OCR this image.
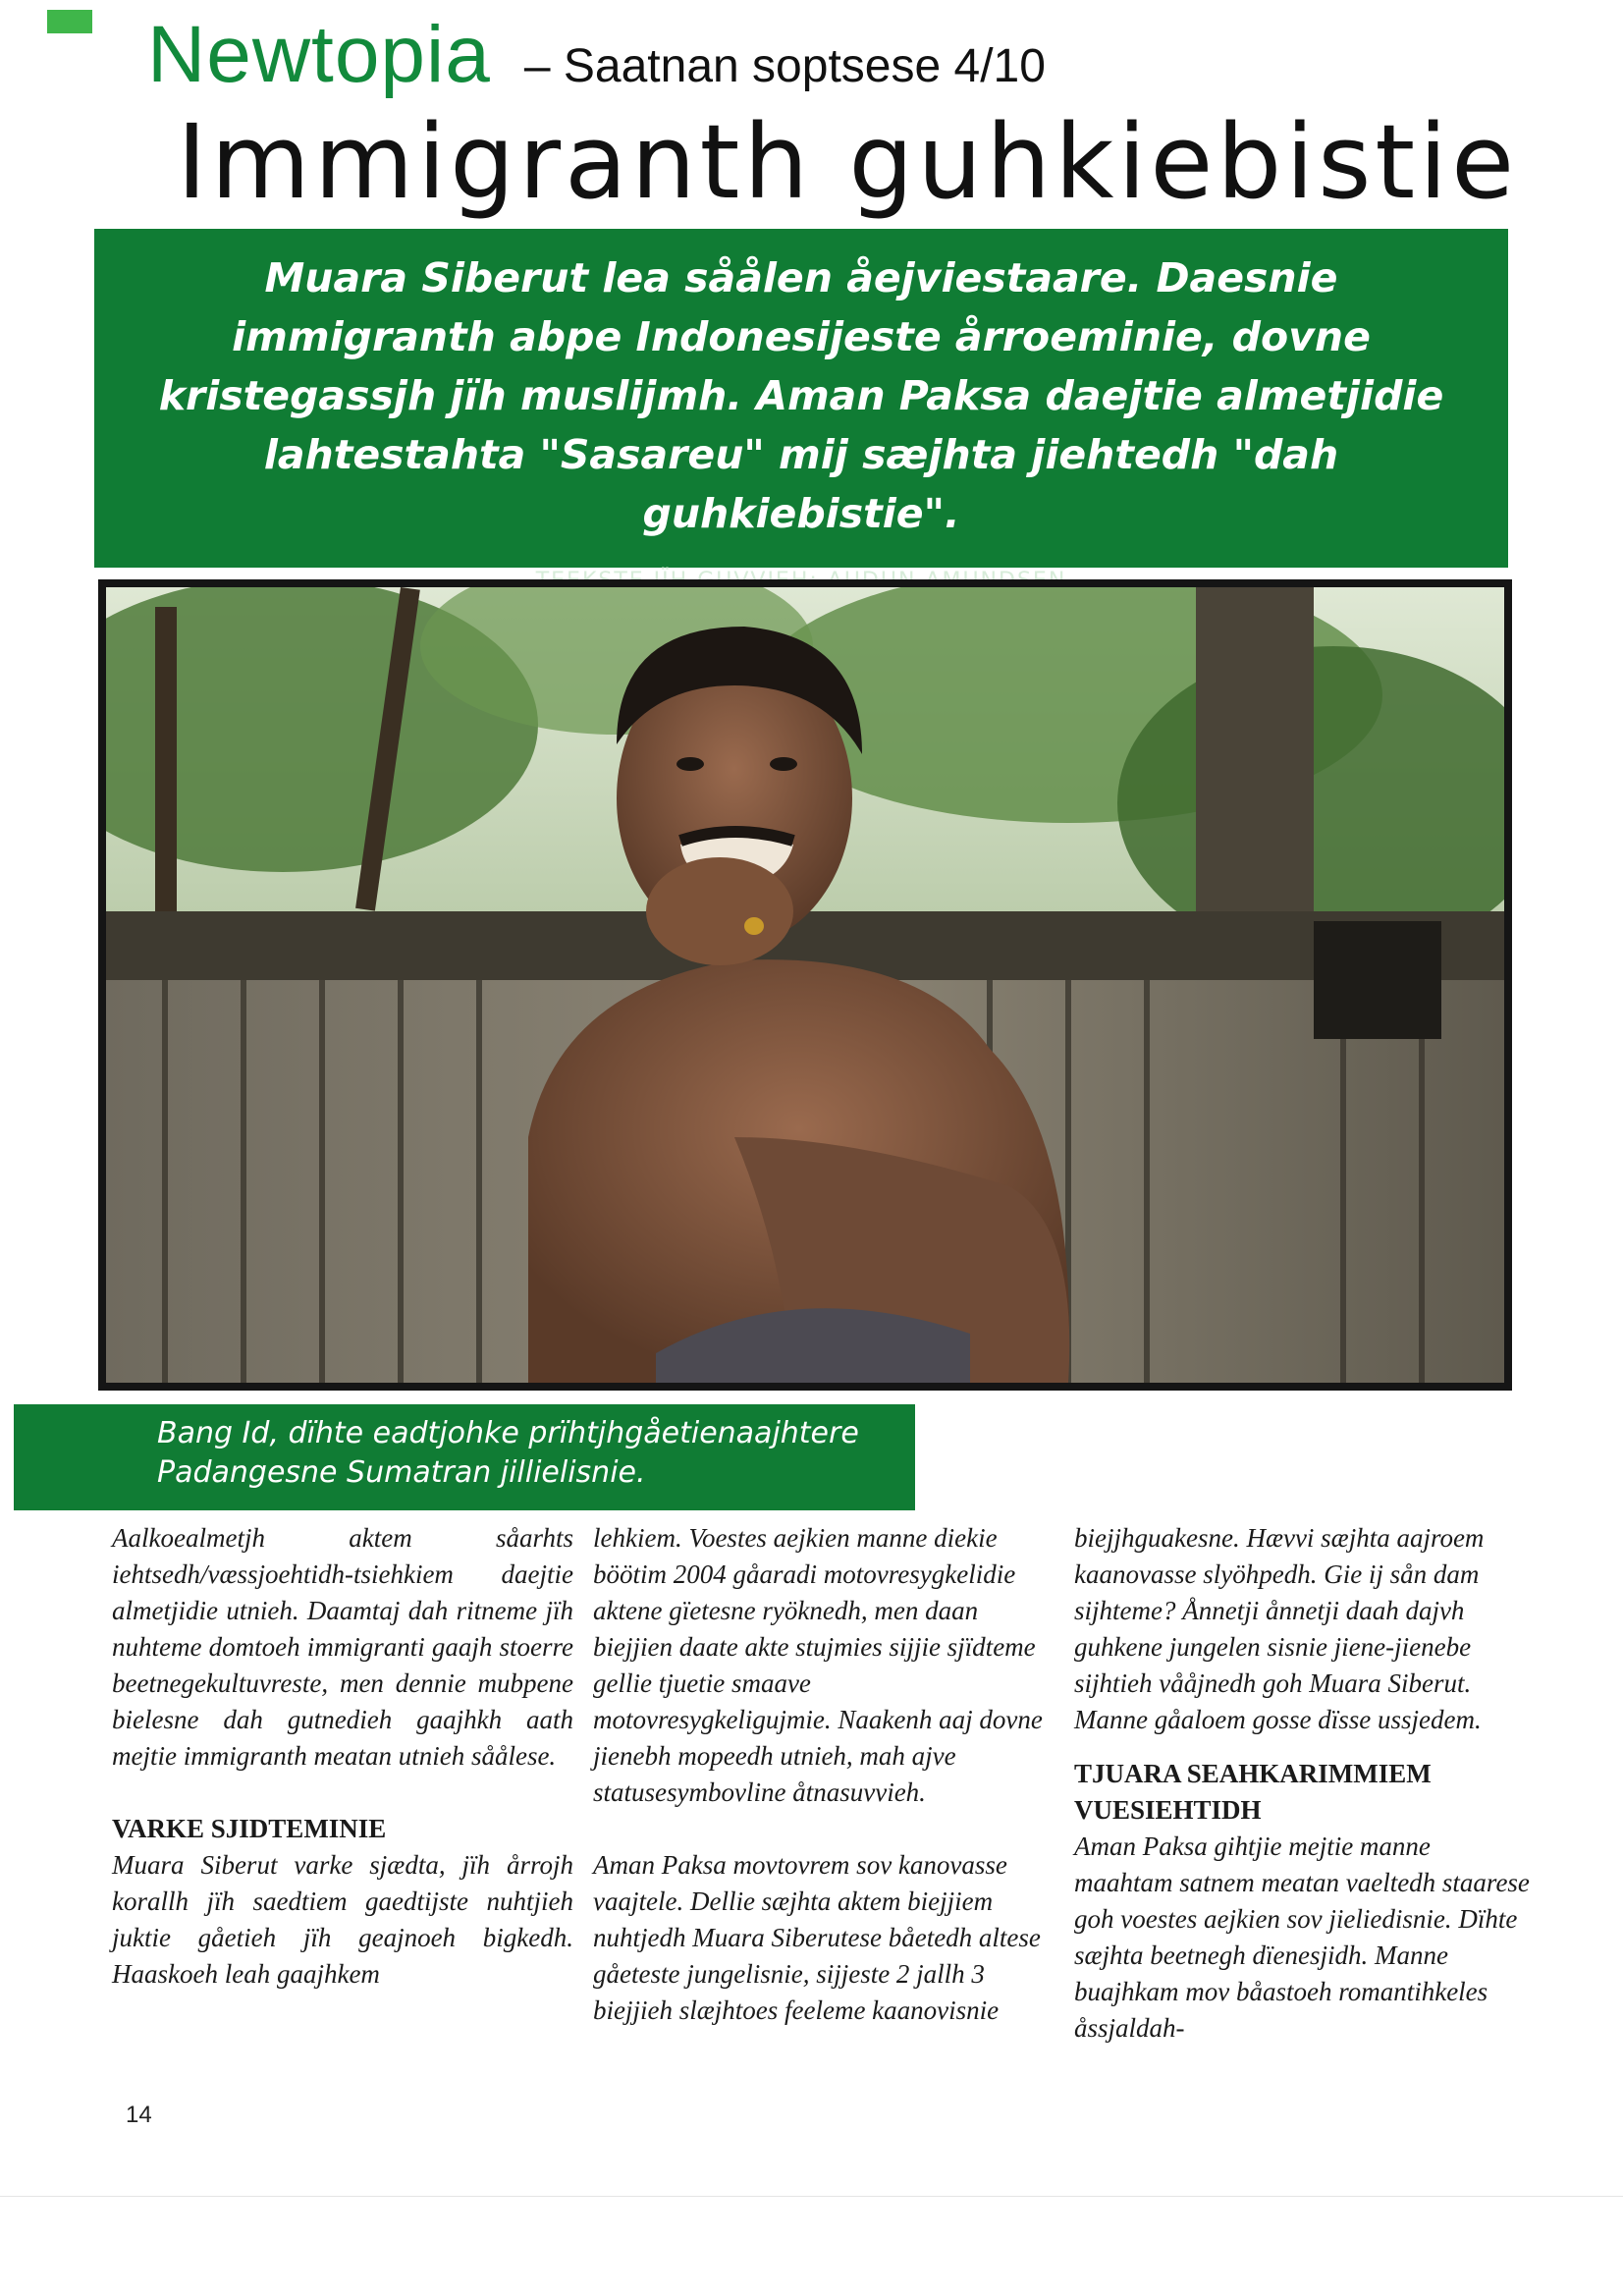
Newtopia – Saatnan soptsese 4/10
Immigranth guhkiebistie

Muara Siberut lea såålen åejviestaare. Daesnie immigranth abpe Indonesijeste årroeminie, dovne kristegassjh jïh muslijmh. Aman Paksa daejtie almetjidie lahtestahta "Sasareu" mij sæjhta jiehtedh "dah guhkiebistie".

Bang Id, dïhte eadtjohke prïhtjhgåetienaajhtere Padangesne Sumatran jillielisnie.

Aalkoealmetjh aktem såarhts iehtsedh/væssjoehtidh-tsiehkiem daejtie almetjidie utnieh. Daamtaj dah ritneme jïh nuhteme domtoeh immigranti gaajh stoerre beetnegekultuvreste, men dennie mubpene bielesne dah gutnedieh gaajhkh aath mejtie immigranth meatan utnieh såålese.

VARKE SJIDTEMINIE

Muara Siberut varke sjædta, jïh årrojh korallh jïh saedtiem gaedtijste nuhtjieh juktie gåetieh jïh geajnoeh bigkedh. Haaskoeh leah gaajhkem

lehkiem. Voestes aejkien manne diekie böötim 2004 gåaradi motovresygkelidie aktene gïetesne ryöknedh, men daan biejjien daate akte stujmies sijjie sjïdteme gellie tjuetie smaave motovresygkeligujmie. Naakenh aaj dovne jienebh mopeedh utnieh, mah ajve statusesymbovline åtnasuvvieh.

Aman Paksa movtovrem sov kanovasse vaajtele. Dellie sæjhta aktem biejjiem nuhtjedh Muara Siberutese båetedh altese gåeteste jungelisnie, sijjeste 2 jallh 3 biejjieh slæjhtoes feeleme kaanovisnie

biejjhguakesne. Hævvi sæjhta aajroem kaanovasse slyöhpedh. Gie ij sån dam sijhteme? Ånnetji ånnetji daah dajvh guhkene jungelen sisnie jiene-jienebe sijhtieh vååjnedh goh Muara Siberut. Manne gåaloem gosse dïsse ussjedem.

TJUARA SEAHKARIMMIEM VUESIEHTIDH

Aman Paksa gihtjie mejtie manne maahtam satnem meatan vaeltedh staarese goh voestes aejkien sov jieliedisnie. Dïhte sæjhta beetnegh dïenesjidh. Manne buajhkam mov båastoeh romantihkeles åssjaldah-

14
